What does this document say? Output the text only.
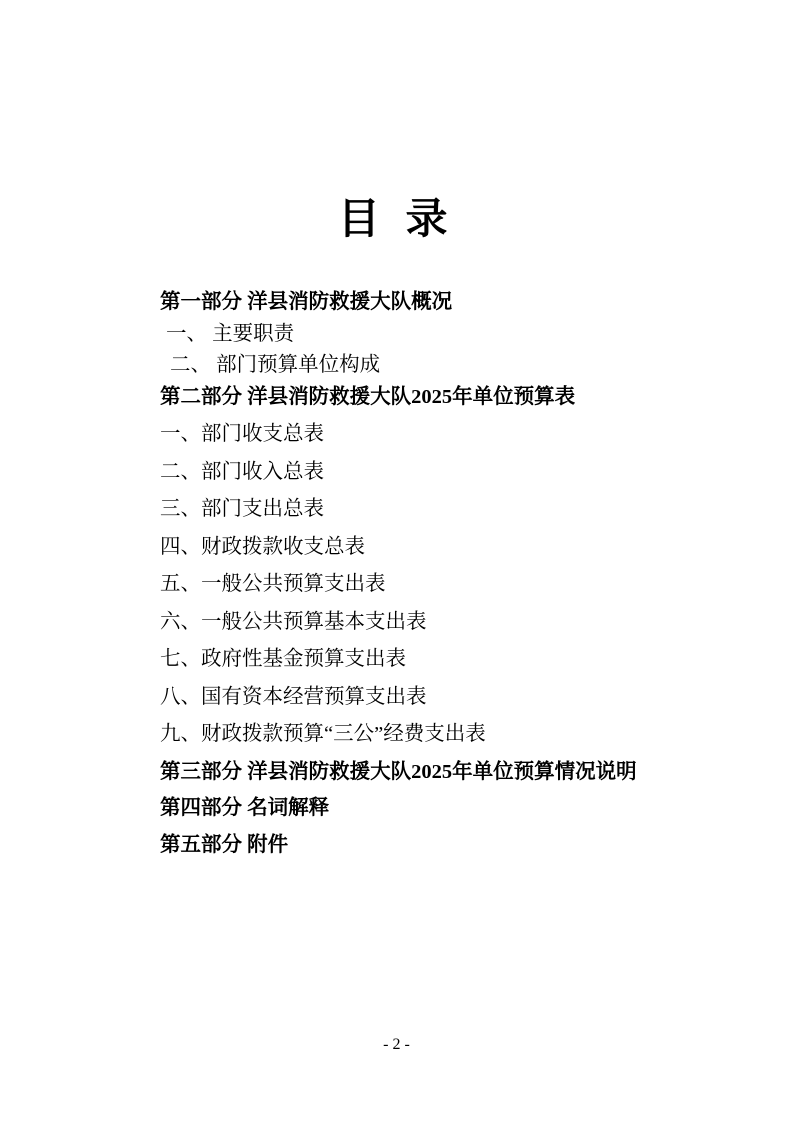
目 录
第一部分 洋县消防救援大队概况
一、 主要职责
二、 部门预算单位构成
第二部分 洋县消防救援大队2025年单位预算表
一、部门收支总表
二、部门收入总表
三、部门支出总表
四、财政拨款收支总表
五、一般公共预算支出表
六、一般公共预算基本支出表
七、政府性基金预算支出表
八、国有资本经营预算支出表
九、财政拨款预算“三公”经费支出表
第三部分 洋县消防救援大队2025年单位预算情况说明
第四部分 名词解释
第五部分 附件
- 2 -
